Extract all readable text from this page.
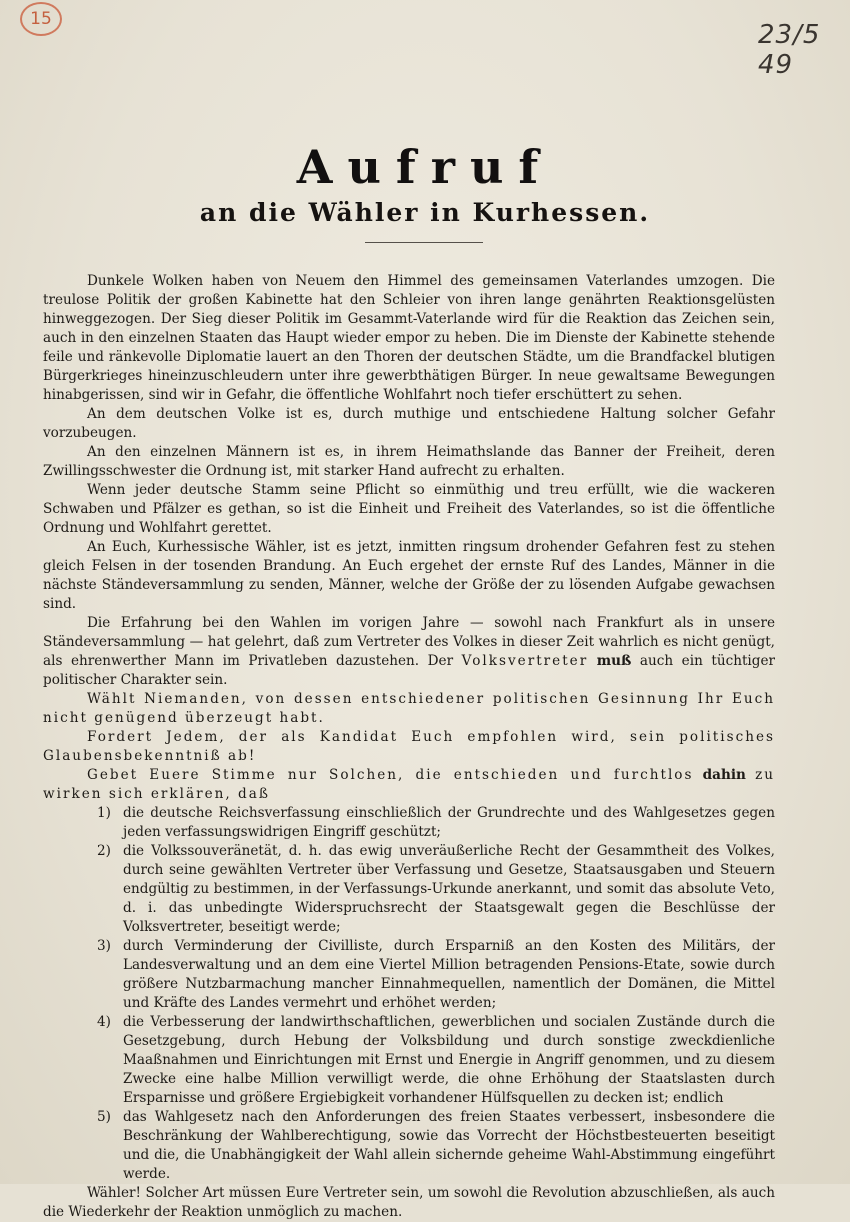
15
23/5 49
Aufruf
an die Wähler in Kurhessen.

Dunkele Wolken haben von Neuem den Himmel des gemeinsamen Vaterlandes umzogen. Die treulose Politik der großen Kabinette hat den Schleier von ihren lange genährten Reaktionsgelüsten hinweggezogen. Der Sieg dieser Politik im Gesammt-Vaterlande wird für die Reaktion das Zeichen sein, auch in den einzelnen Staaten das Haupt wieder empor zu heben. Die im Dienste der Kabinette stehende feile und ränkevolle Diplomatie lauert an den Thoren der deutschen Städte, um die Brandfackel blutigen Bürgerkrieges hineinzuschleudern unter ihre gewerbthätigen Bürger. In neue gewaltsame Bewegungen hinabgerissen, sind wir in Gefahr, die öffentliche Wohlfahrt noch tiefer erschüttert zu sehen.

An dem deutschen Volke ist es, durch muthige und entschiedene Haltung solcher Gefahr vorzubeugen.

An den einzelnen Männern ist es, in ihrem Heimathslande das Banner der Freiheit, deren Zwillingsschwester die Ordnung ist, mit starker Hand aufrecht zu erhalten.

Wenn jeder deutsche Stamm seine Pflicht so einmüthig und treu erfüllt, wie die wackeren Schwaben und Pfälzer es gethan, so ist die Einheit und Freiheit des Vaterlandes, so ist die öffentliche Ordnung und Wohlfahrt gerettet.

An Euch, Kurhessische Wähler, ist es jetzt, inmitten ringsum drohender Gefahren fest zu stehen gleich Felsen in der tosenden Brandung. An Euch ergehet der ernste Ruf des Landes, Männer in die nächste Ständeversammlung zu senden, Männer, welche der Größe der zu lösenden Aufgabe gewachsen sind.

Die Erfahrung bei den Wahlen im vorigen Jahre — sowohl nach Frankfurt als in unsere Ständeversammlung — hat gelehrt, daß zum Vertreter des Volkes in dieser Zeit wahrlich es nicht genügt, als ehrenwerther Mann im Privatleben dazustehen. Der Volksvertreter muß auch ein tüchtiger politischer Charakter sein.

Wählt Niemanden, von dessen entschiedener politischen Gesinnung Ihr Euch nicht genügend überzeugt habt.

Fordert Jedem, der als Kandidat Euch empfohlen wird, sein politisches Glaubensbekenntniß ab!

Gebet Euere Stimme nur Solchen, die entschieden und furchtlos dahin zu wirken sich erklären, daß

1) die deutsche Reichsverfassung einschließlich der Grundrechte und des Wahlgesetzes gegen jeden verfassungswidrigen Eingriff geschützt;
2) die Volkssouveränetät, d. h. das ewig unveräußerliche Recht der Gesammtheit des Volkes, durch seine gewählten Vertreter über Verfassung und Gesetze, Staatsausgaben und Steuern endgültig zu bestimmen, in der Verfassungs-Urkunde anerkannt, und somit das absolute Veto, d. i. das unbedingte Widerspruchsrecht der Staatsgewalt gegen die Beschlüsse der Volksvertreter, beseitigt werde;
3) durch Verminderung der Civilliste, durch Ersparniß an den Kosten des Militärs, der Landesverwaltung und an dem eine Viertel Million betragenden Pensions-Etate, sowie durch größere Nutzbarmachung mancher Einnahmequellen, namentlich der Domänen, die Mittel und Kräfte des Landes vermehrt und erhöhet werden;
4) die Verbesserung der landwirthschaftlichen, gewerblichen und socialen Zustände durch die Gesetzgebung, durch Hebung der Volksbildung und durch sonstige zweckdienliche Maaßnahmen und Einrichtungen mit Ernst und Energie in Angriff genommen, und zu diesem Zwecke eine halbe Million verwilligt werde, die ohne Erhöhung der Staatslasten durch Ersparnisse und größere Ergiebigkeit vorhandener Hülfsquellen zu decken ist; endlich
5) das Wahlgesetz nach den Anforderungen des freien Staates verbessert, insbesondere die Beschränkung der Wahlberechtigung, sowie das Vorrecht der Höchstbesteuerten beseitigt und die, die Unabhängigkeit der Wahl allein sichernde geheime Wahl-Abstimmung eingeführt werde.

Wähler! Solcher Art müssen Eure Vertreter sein, um sowohl die Revolution abzuschließen, als auch die Wiederkehr der Reaktion unmöglich zu machen.
